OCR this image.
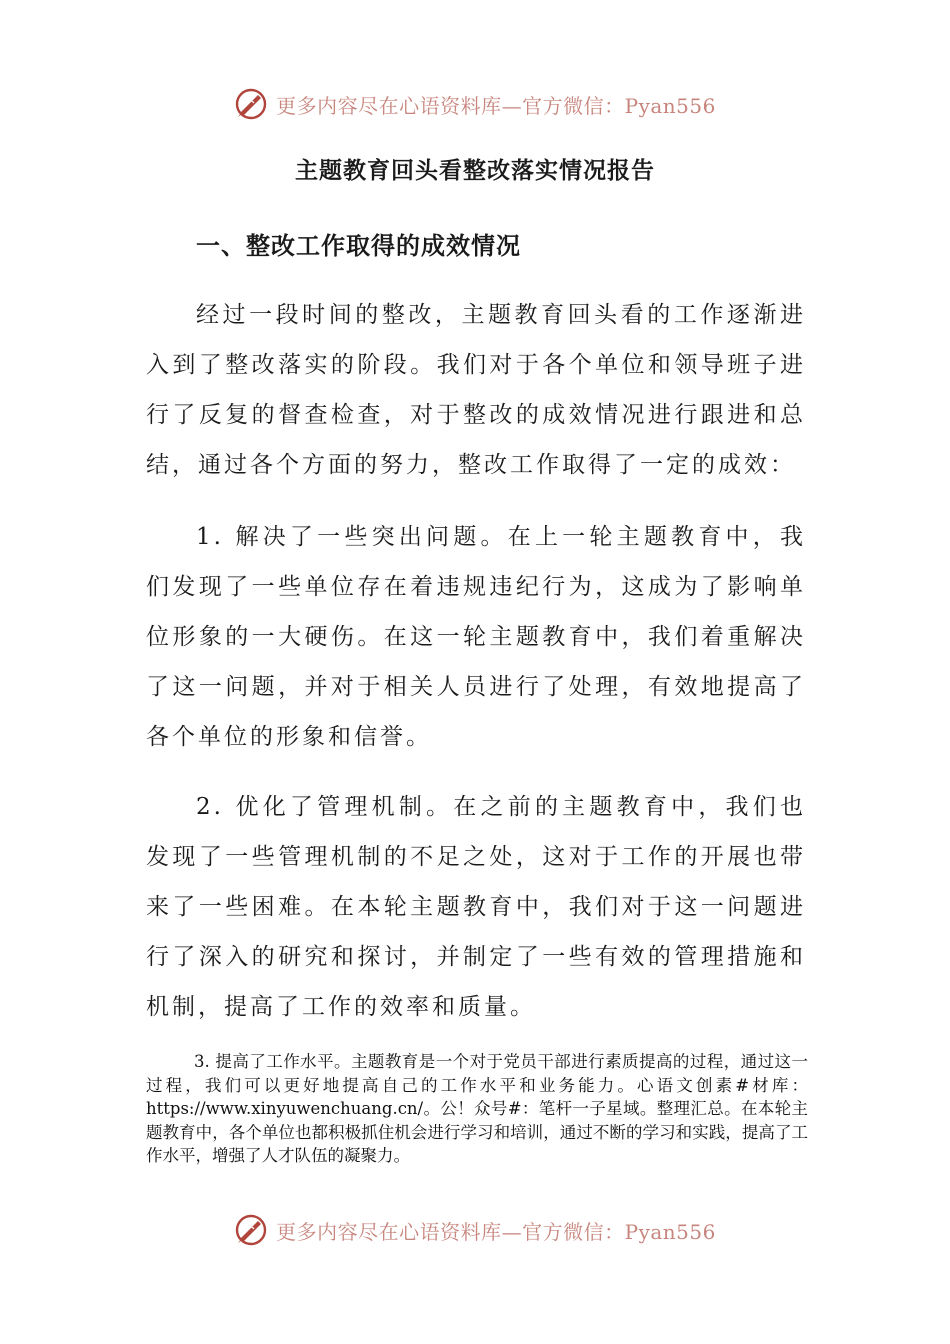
更多内容尽在心语资料库—官方微信：Pyan556
主题教育回头看整改落实情况报告
一、整改工作取得的成效情况

经过一段时间的整改，主题教育回头看的工作逐渐进入到了整改落实的阶段。我们对于各个单位和领导班子进行了反复的督查检查，对于整改的成效情况进行跟进和总结，通过各个方面的努力，整改工作取得了一定的成效：

1. 解决了一些突出问题。在上一轮主题教育中，我们发现了一些单位存在着违规违纪行为，这成为了影响单位形象的一大硬伤。在这一轮主题教育中，我们着重解决了这一问题，并对于相关人员进行了处理，有效地提高了各个单位的形象和信誉。

2. 优化了管理机制。在之前的主题教育中，我们也发现了一些管理机制的不足之处，这对于工作的开展也带来了一些困难。在本轮主题教育中，我们对于这一问题进行了深入的研究和探讨，并制定了一些有效的管理措施和机制，提高了工作的效率和质量。

3. 提高了工作水平。主题教育是一个对于党员干部进行素质提高的过程，通过这一过程，我们可以更好地提高自己的工作水平和业务能力。心语文创素#材库：https://www.xinyuwenchuang.cn/。公！众号#：笔杆一子星域。整理汇总。在本轮主题教育中，各个单位也都积极抓住机会进行学习和培训，通过不断的学习和实践，提高了工作水平，增强了人才队伍的凝聚力。

更多内容尽在心语资料库—官方微信：Pyan556
